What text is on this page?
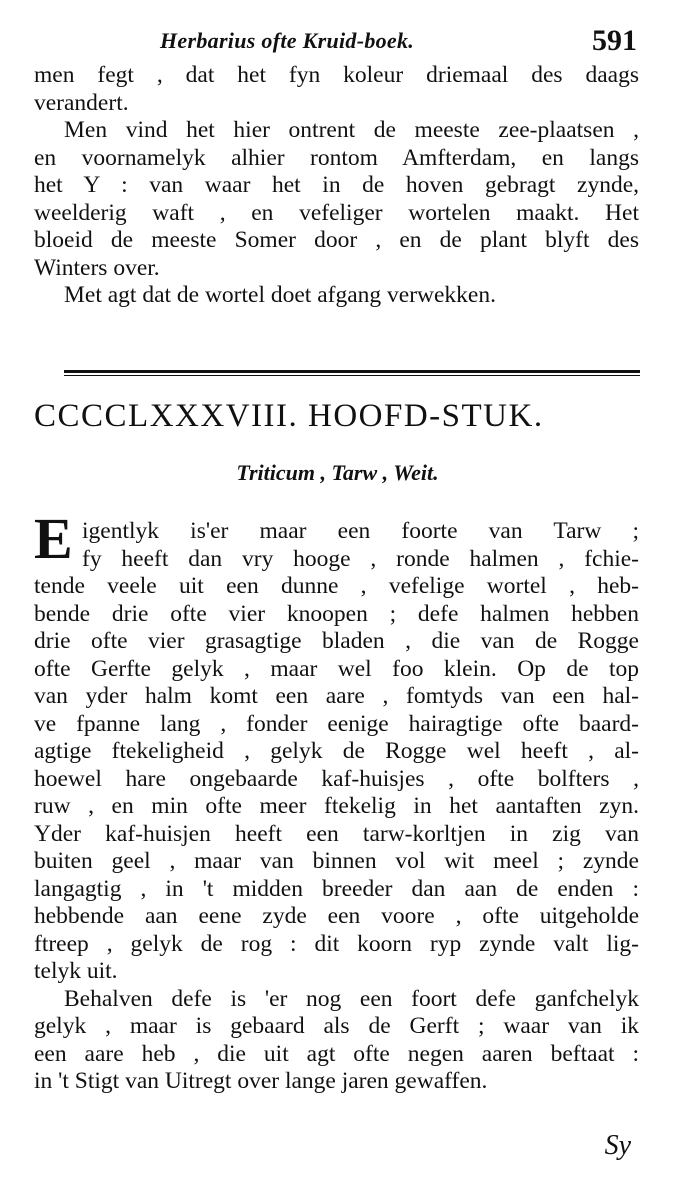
Herbarius ofte Kruid-boek.	591
men fegt , dat het fyn koleur driemaal des daags
verandert.
Men vind het hier ontrent de meeste zee-plaatsen ,
en voornamelyk alhier rontom Amfterdam, en langs
het Y : van waar het in de hoven gebragt zynde,
weelderig waft , en vefeliger wortelen maakt. Het
bloeid de meeste Somer door , en de plant blyft des
Winters over.
Met agt dat de wortel doet afgang verwekken.
CCCCLXXXVIII. HOOFD-STUK.
Triticum , Tarw , Weit.
E igentlyk is'er maar een foorte van Tarw ;
fy heeft dan vry hooge , ronde halmen , fchie-
tende veele uit een dunne , vefelige wortel , heb-
bende drie ofte vier knoopen ; defe halmen hebben
drie ofte vier grasagtige bladen , die van de Rogge
ofte Gerfte gelyk , maar wel foo klein. Op de top
van yder halm komt een aare , fomtyds van een hal-
ve fpanne lang , fonder eenige hairagtige ofte baard-
agtige ftekeligheid , gelyk de Rogge wel heeft , al-
hoewel hare ongebaarde kaf-huisjes , ofte bolfters ,
ruw , en min ofte meer ftekelig in het aantaften zyn.
Yder kaf-huisjen heeft een tarw-korltjen in zig van
buiten geel , maar van binnen vol wit meel ; zynde
langagtig , in 't midden breeder dan aan de enden :
hebbende aan eene zyde een voore , ofte uitgeholde
ftreep , gelyk de rog : dit koorn ryp zynde valt lig-
telyk uit.
Behalven defe is 'er nog een foort defe ganfchelyk
gelyk , maar is gebaard als de Gerft ; waar van ik
een aare heb , die uit agt ofte negen aaren beftaat :
in 't Stigt van Uitregt over lange jaren gewaffen.
Sy
